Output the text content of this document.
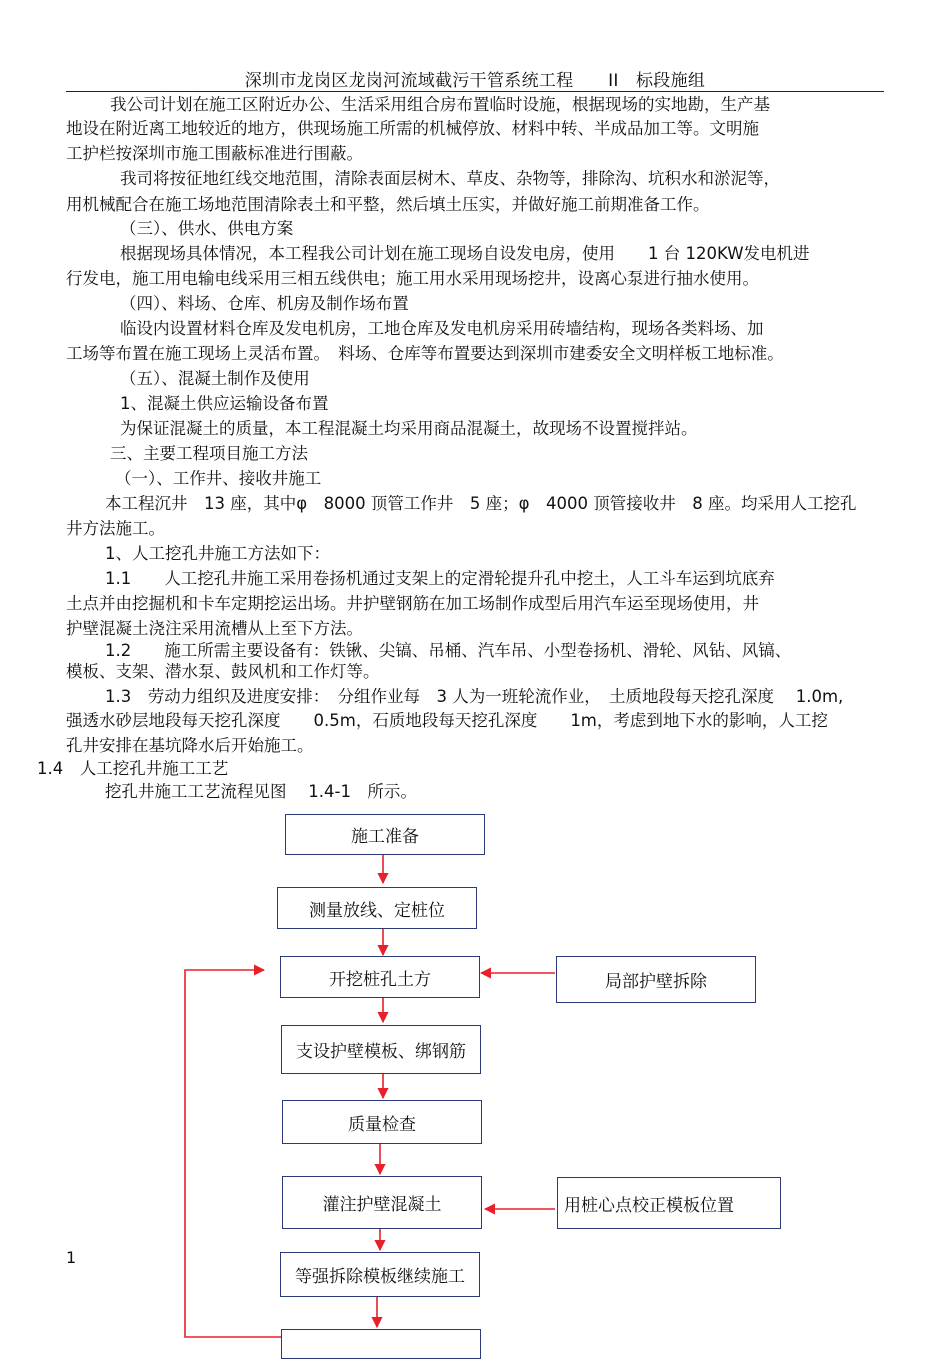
深圳市龙岗区龙岗河流域截污干管系统工程　　II　标段施组
我公司计划在施工区附近办公、生活采用组合房布置临时设施，根据现场的实地勘，生产基
地设在附近离工地较近的地方，供现场施工所需的机械停放、材料中转、半成品加工等。文明施
工护栏按深圳市施工围蔽标准进行围蔽。
我司将按征地红线交地范围，清除表面层树木、草皮、杂物等，排除沟、坑积水和淤泥等，
用机械配合在施工场地范围清除表土和平整，然后填土压实，并做好施工前期准备工作。
（三）、供水、供电方案
根据现场具体情况，本工程我公司计划在施工现场自设发电房，使用　　1 台 120KW发电机进
行发电，施工用电输电线采用三相五线供电；施工用水采用现场挖井，设离心泵进行抽水使用。
（四）、料场、仓库、机房及制作场布置
临设内设置材料仓库及发电机房，工地仓库及发电机房采用砖墙结构，现场各类料场、加
工场等布置在施工现场上灵活布置。　料场、仓库等布置要达到深圳市建委安全文明样板工地标准。
（五）、混凝土制作及使用
1、混凝土供应运输设备布置
为保证混凝土的质量，本工程混凝土均采用商品混凝土，故现场不设置搅拌站。
三、主要工程项目施工方法
（一）、工作井、接收井施工
本工程沉井　13 座，其中φ　8000 顶管工作井　5 座；φ　4000 顶管接收井　8 座。均采用人工挖孔
井方法施工。
1、人工挖孔井施工方法如下：
1.1　　人工挖孔井施工采用卷扬机通过支架上的定滑轮提升孔中挖土，人工斗车运到坑底弃
土点并由挖掘机和卡车定期挖运出场。井护壁钢筋在加工场制作成型后用汽车运至现场使用，井
护壁混凝土浇注采用流槽从上至下方法。
1.2　　施工所需主要设备有：铁锹、尖镐、吊桶、汽车吊、小型卷扬机、滑轮、风钻、风镐、
模板、支架、潜水泵、鼓风机和工作灯等。
1.3　劳动力组织及进度安排：　分组作业每　3 人为一班轮流作业，　土质地段每天挖孔深度　 1.0m,
强透水砂层地段每天挖孔深度　　0.5m，石质地段每天挖孔深度　　1m，考虑到地下水的影响，人工挖
孔井安排在基坑降水后开始施工。
1.4　人工挖孔井施工工艺
挖孔井施工工艺流程见图　 1.4-1　所示。
施工准备
测量放线、定桩位
开挖桩孔土方	局部护壁拆除
支设护壁模板、绑钢筋
质量检查
灌注护壁混凝土	用桩心点校正模板位置
等强拆除模板继续施工
1
